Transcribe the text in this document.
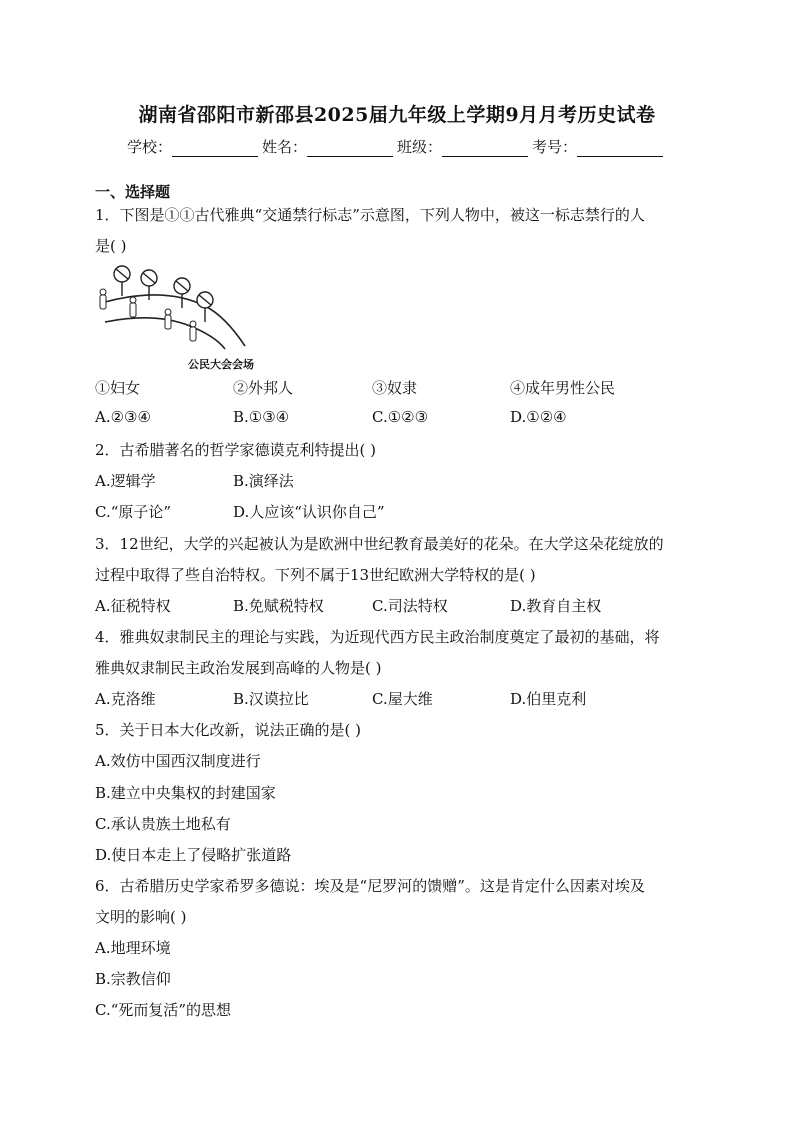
湖南省邵阳市新邵县2025届九年级上学期9月月考历史试卷
学校：	姓名：	班级：	考号：
一、选择题
1．下图是①①古代雅典“交通禁行标志”示意图，下列人物中，被这一标志禁行的人
是( )
①妇女	②外邦人	③奴隶	④成年男性公民
A.②③④	B.①③④	C.①②③	D.①②④
2．古希腊著名的哲学家德谟克利特提出( )
A.逻辑学	B.演绎法
C.“原子论”	D.人应该“认识你自己”
3．12世纪，大学的兴起被认为是欧洲中世纪教育最美好的花朵。在大学这朵花绽放的
过程中取得了些自治特权。下列不属于13世纪欧洲大学特权的是( )
A.征税特权	B.免赋税特权	C.司法特权	D.教育自主权
4．雅典奴隶制民主的理论与实践，为近现代西方民主政治制度奠定了最初的基础，将
雅典奴隶制民主政治发展到高峰的人物是( )
A.克洛维	B.汉谟拉比	C.屋大维	D.伯里克利
5．关于日本大化改新，说法正确的是( )
A.效仿中国西汉制度进行
B.建立中央集权的封建国家
C.承认贵族土地私有
D.使日本走上了侵略扩张道路
6．古希腊历史学家希罗多德说：埃及是“尼罗河的馈赠”。这是肯定什么因素对埃及
文明的影响( )
A.地理环境
B.宗教信仰
C.“死而复活”的思想
公民大会会场
